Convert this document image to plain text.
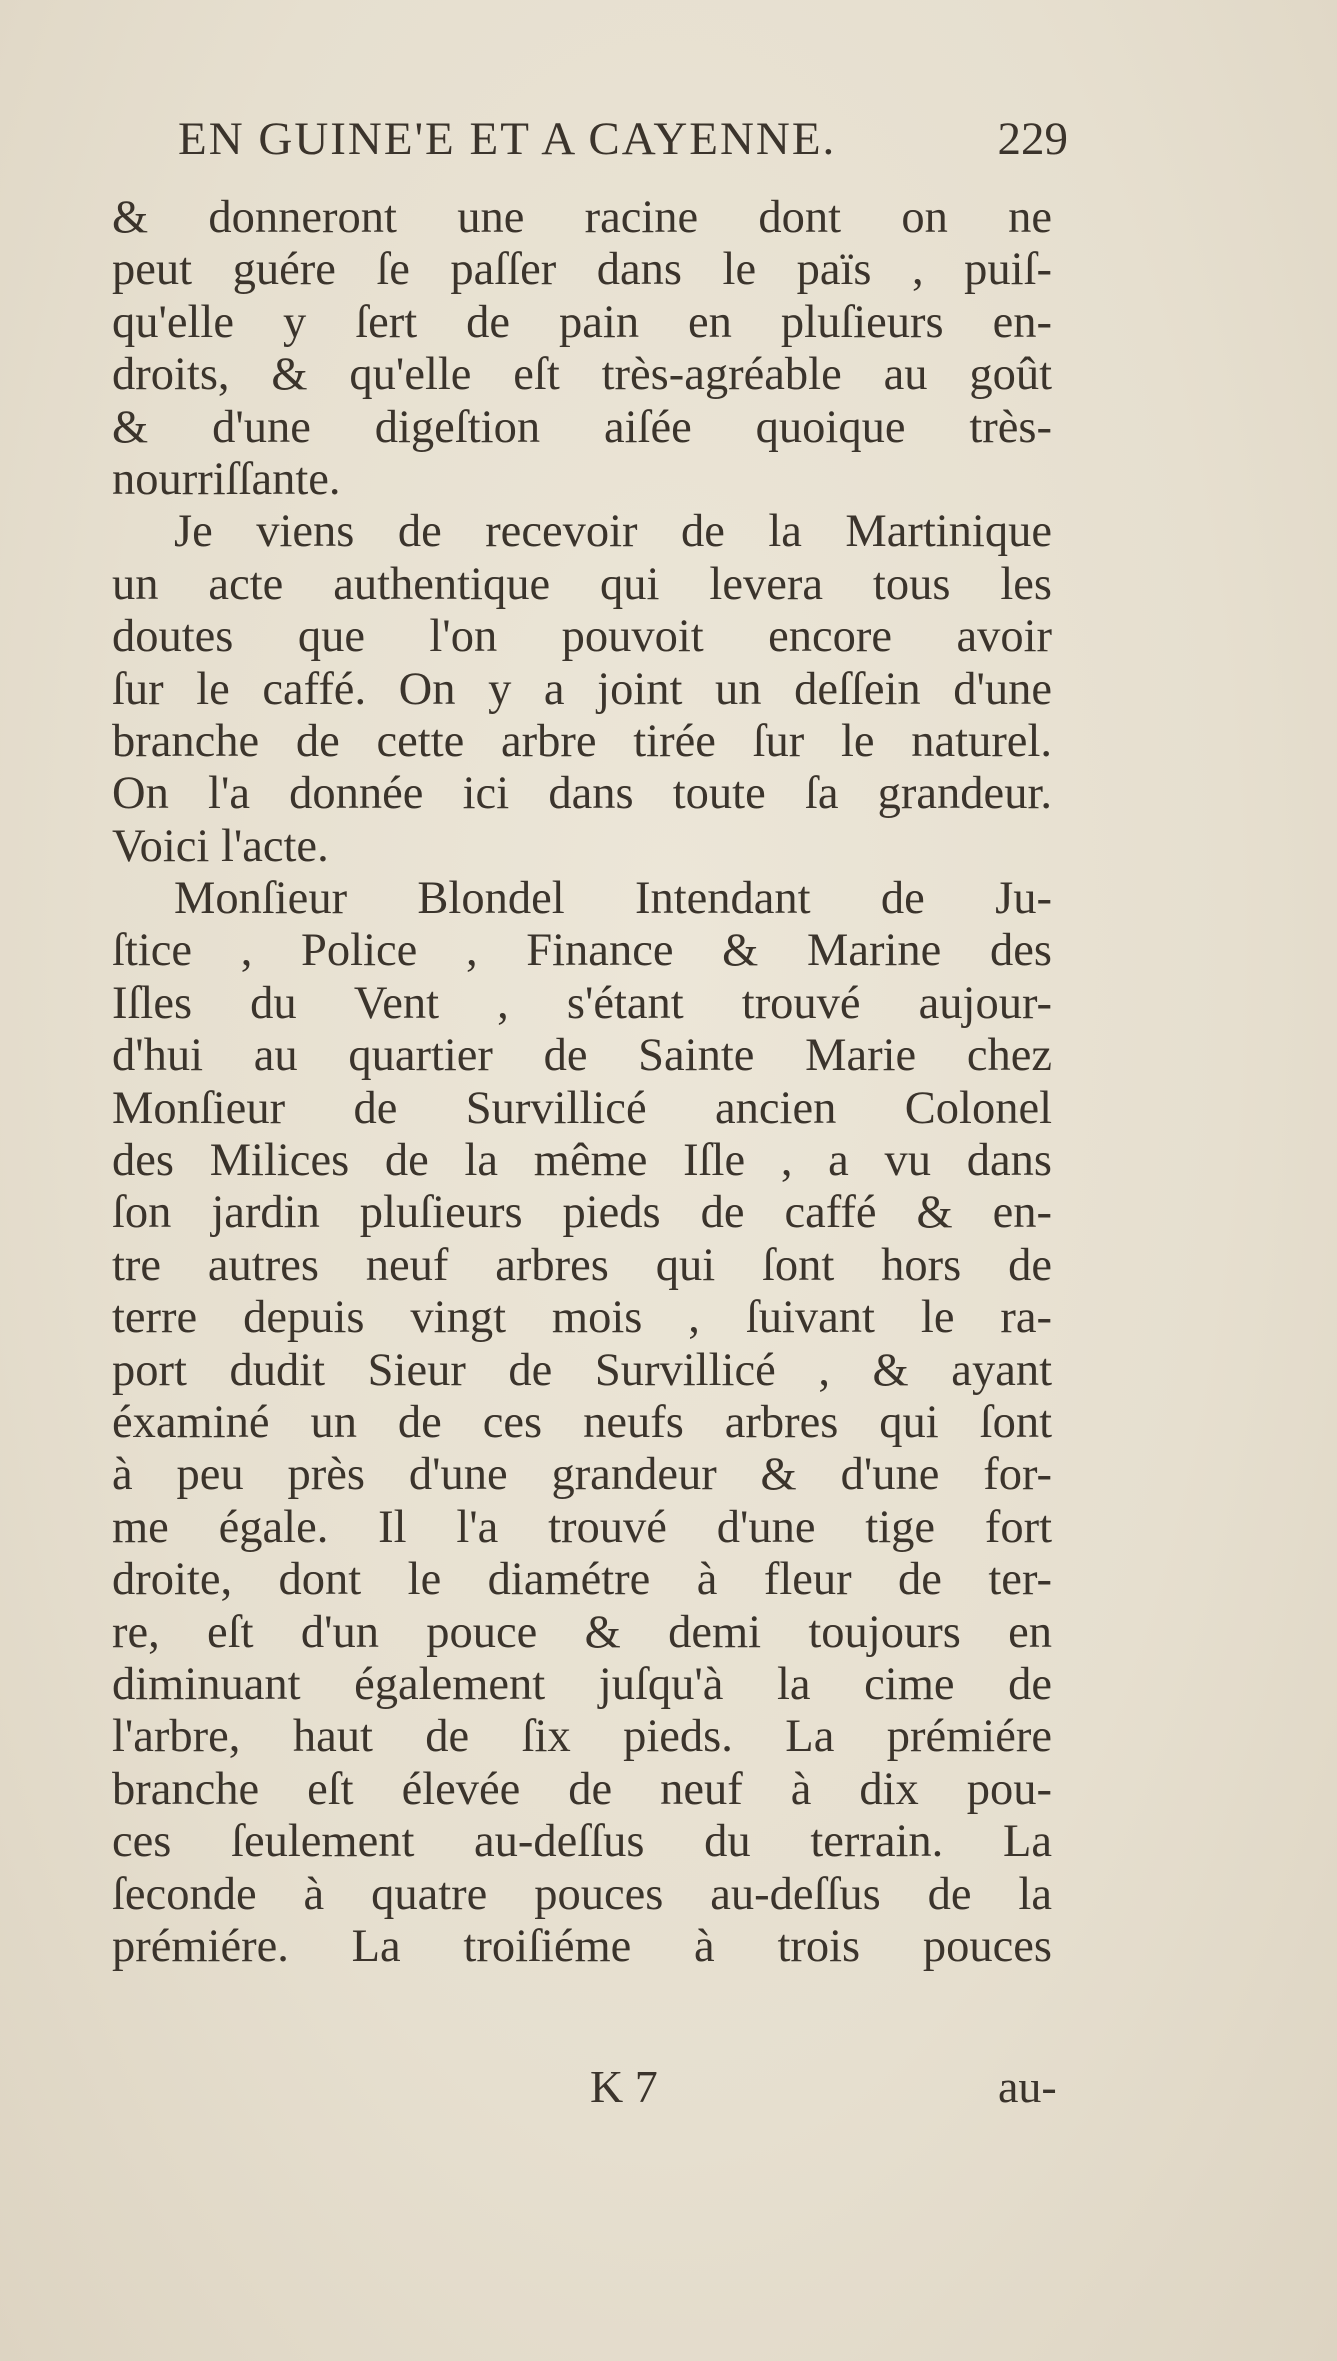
EN GUINE'E ET A CAYENNE.	229
& donneront une racine dont on ne
peut guére ſe paſſer dans le païs , puiſ-
qu'elle y ſert de pain en pluſieurs en-
droits, & qu'elle eſt très-agréable au goût
& d'une digeſtion aiſée quoique très-
nourriſſante.
Je viens de recevoir de la Martinique
un acte authentique qui levera tous les
doutes que l'on pouvoit encore avoir
ſur le caffé. On y a joint un deſſein d'une
branche de cette arbre tirée ſur le naturel.
On l'a donnée ici dans toute ſa grandeur.
Voici l'acte.
Monſieur Blondel Intendant de Ju-
ſtice , Police , Finance & Marine des
Iſles du Vent , s'étant trouvé aujour-
d'hui au quartier de Sainte Marie chez
Monſieur de Survillicé ancien Colonel
des Milices de la même Iſle , a vu dans
ſon jardin pluſieurs pieds de caffé & en-
tre autres neuf arbres qui ſont hors de
terre depuis vingt mois , ſuivant le ra-
port dudit Sieur de Survillicé , & ayant
éxaminé un de ces neufs arbres qui ſont
à peu près d'une grandeur & d'une for-
me égale. Il l'a trouvé d'une tige fort
droite, dont le diamétre à fleur de ter-
re, eſt d'un pouce & demi toujours en
diminuant également juſqu'à la cime de
l'arbre, haut de ſix pieds. La prémiére
branche eſt élevée de neuf à dix pou-
ces ſeulement au-deſſus du terrain. La
ſeconde à quatre pouces au-deſſus de la
prémiére. La troiſiéme à trois pouces
K 7	au-
